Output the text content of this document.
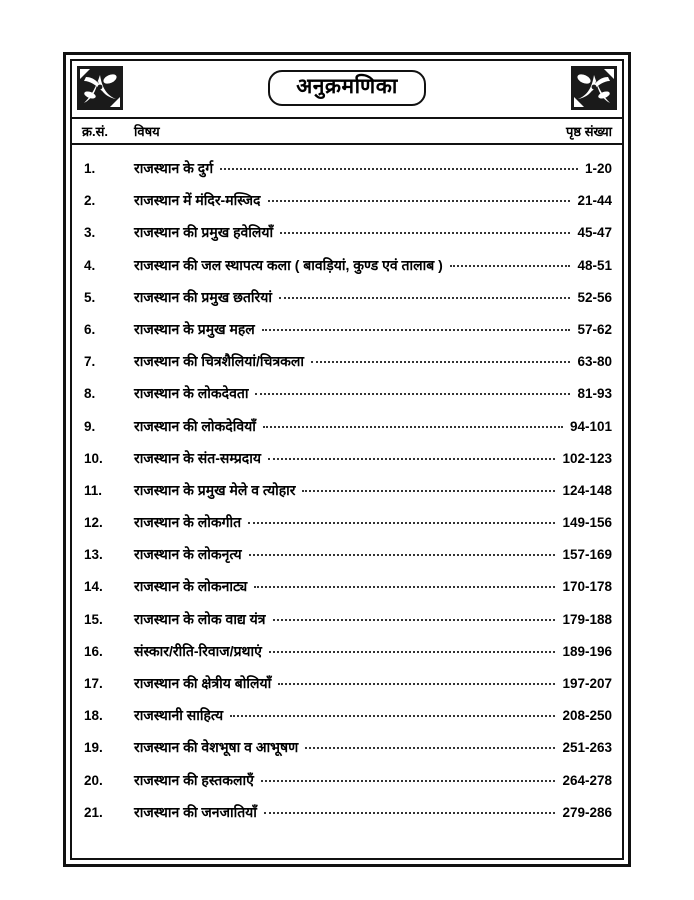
अनुक्रमणिका
क्र.सं. विषय	पृष्ठ संख्या
1.	राजस्थान के दुर्ग	1-20
2.	राजस्थान में मंदिर-मस्जिद	21-44
3.	राजस्थान की प्रमुख हवेलियाँ	45-47
4.	राजस्थान की जल स्थापत्य कला ( बावड़ियां, कुण्ड एवं तालाब )	48-51
5.	राजस्थान की प्रमुख छतरियां	52-56
6.	राजस्थान के प्रमुख महल	57-62
7.	राजस्थान की चित्रशैलियां/चित्रकला	63-80
8.	राजस्थान के लोकदेवता	81-93
9.	राजस्थान की लोकदेवियाँ	94-101
10.	राजस्थान के संत-सम्प्रदाय	102-123
11.	राजस्थान के प्रमुख मेले व त्योहार	124-148
12.	राजस्थान के लोकगीत	149-156
13.	राजस्थान के लोकनृत्य	157-169
14.	राजस्थान के लोकनाट्य	170-178
15.	राजस्थान के लोक वाद्य यंत्र	179-188
16.	संस्कार/रीति-रिवाज/प्रथाएं	189-196
17.	राजस्थान की क्षेत्रीय बोलियाँ	197-207
18.	राजस्थानी साहित्य	208-250
19.	राजस्थान की वेशभूषा व आभूषण	251-263
20.	राजस्थान की हस्तकलाएँ	264-278
21.	राजस्थान की जनजातियाँ	279-286
